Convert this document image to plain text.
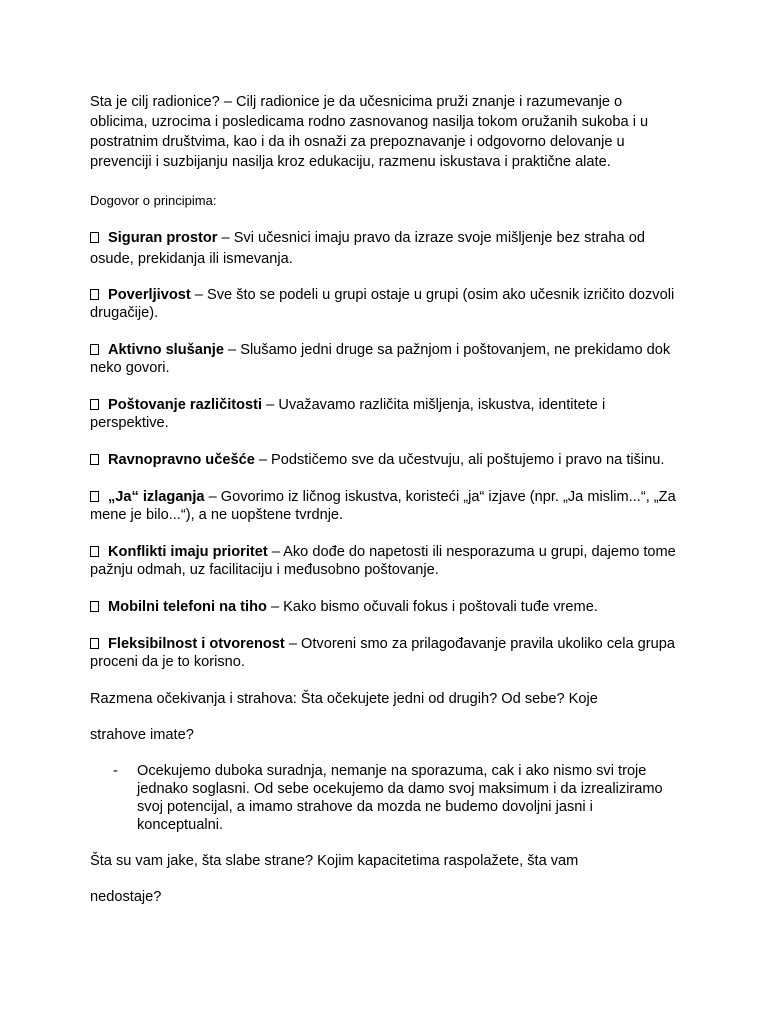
Sta je cilj radionice? – Cilj radionice je da učesnicima pruži znanje i razumevanje o oblicima, uzrocima i posledicama rodno zasnovanog nasilja tokom oružanih sukoba i u postratnim društvima, kao i da ih osnaži za prepoznavanje i odgovorno delovanje u prevenciji i suzbijanju nasilja kroz edukaciju, razmenu iskustava i praktične alate.

Dogovor o principima:

Siguran prostor – Svi učesnici imaju pravo da izraze svoje mišljenje bez straha od osude, prekidanja ili ismevanja.

Poverljivost – Sve što se podeli u grupi ostaje u grupi (osim ako učesnik izričito dozvoli drugačije).

Aktivno slušanje – Slušamo jedni druge sa pažnjom i poštovanjem, ne prekidamo dok neko govori.

Poštovanje različitosti – Uvažavamo različita mišljenja, iskustva, identitete i perspektive.

Ravnopravno učešće – Podstičemo sve da učestvuju, ali poštujemo i pravo na tišinu.

„Ja“ izlaganja – Govorimo iz ličnog iskustva, koristeći „ja“ izjave (npr. „Ja mislim...“, „Za mene je bilo...“), a ne uopštene tvrdnje.

Konflikti imaju prioritet – Ako dođe do napetosti ili nesporazuma u grupi, dajemo tome pažnju odmah, uz facilitaciju i međusobno poštovanje.

Mobilni telefoni na tiho – Kako bismo očuvali fokus i poštovali tuđe vreme.

Fleksibilnost i otvorenost – Otvoreni smo za prilagođavanje pravila ukoliko cela grupa proceni da je to korisno.

Razmena očekivanja i strahova: Šta očekujete jedni od drugih? Od sebe? Koje

strahove imate?

- Ocekujemo duboka suradnja, nemanje na sporazuma, cak i ako nismo svi troje jednako soglasni. Od sebe ocekujemo da damo svoj maksimum i da izrealiziramo svoj potencijal, a imamo strahove da mozda ne budemo dovoljni jasni i konceptualni.

Šta su vam jake, šta slabe strane? Kojim kapacitetima raspolažete, šta vam

nedostaje?
